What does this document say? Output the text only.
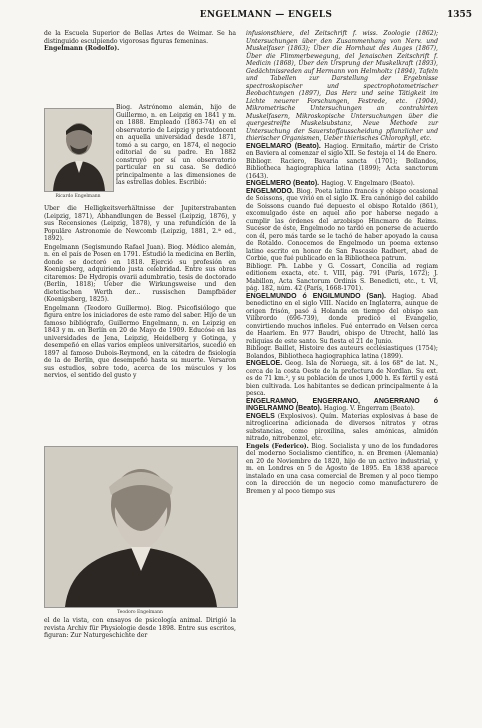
ENGELMANN — ENGELS	1355

de la Escuela Superior de Bellas Artes de Weimar. Se ha distinguido esculpiendo vigorosas figuras femeninas.

Engelmann (Rodolfo).

Biog. Astrónomo alemán, hijo de Guillermo, n. en Leipzig en 1841 y m. en 1888. Empleado (1863-74) en el observatorio de Leipzig y privatdocent en aquella universidad desde 1871, tomó a su cargo, en 1874, el negocio editorial de su padre. En 1882 construyó por sí un observatorio particular en su casa. Se dedicó principalmente a las dimensiones de las estrellas dobles. Escribió:
Ricardo Engelmann
Uber die Helligkeitsverhältnisse der Jupiterstrabanten (Leipzig, 1871), Abhandlungen de Bessel (Leipzig, 1876), y sus Recensiones (Leipzig, 1878), y una refundición de la Populäre Astronomie de Newcomb (Leipzig, 1881, 2.ª ed., 1892).
Engelmann (Segismundo Rafael Juan). Biog. Médico alemán, n. en el país de Posen en 1791. Estudió la medicina en Berlín, donde se doctoró en 1818. Ejerció su profesión en Koenigsberg, adquiriendo justa celebridad. Entre sus obras citaremos: De Hydropis ovarii adumbratio, tesis de doctorado (Berlín, 1818); Ueber die Wirkungsweise und den dietetischen Werth der... russischen Dampfbäder (Koenigsberg, 1825).
Engelmann (Teodoro Guillermo). Biog. Psicofisiólogo que figura entre los iniciadores de este ramo del saber. Hijo de un famoso bibliógrafo, Guillermo Engelmann, n. en Leipzig en 1843 y m. en Berlín en 20 de Mayo de 1909. Educóse en las universidades de Jena, Leipzig, Heidelberg y Gotinga, y desempeñó en ellas varios empleos universitarios, sucedió en 1897 al famoso Dubois-Reymond, en la cátedra de fisiología de la de Berlín, que desempeñó hasta su muerte. Versaron sus estudios, sobre todo, acerca de los músculos y los nervios, el sentido del gusto y
Teodoro Engelmann
el de la vista, con ensayos de psicología animal. Dirigió la revista Archiv für Physiologie desde 1898. Entre sus escritos, figuran: Zur Naturgeschichte der

infusionsthiere, del Zeitschrift f. wiss. Zoologie (1862); Untersuchungen über den Zusammenhang von Nerv. und Muskelfaser (1863); Über die Hornhaut des Auges (1867), Über die Flimmerbewegung, del Jenaischen Zeitschrift f. Medicin (1868), Über den Ursprung der Muskelkraft (1893), Gedächtnissreden auf Hermann von Helmholtz (1894), Tafeln und Tabellen zur Darstellung der Ergebnisse spectroskopischer und spectrophotometrischer Beobachtungen (1897), Das Herz und seine Tätigkeit im Lichte neuerer Forschungen, Festrede, etc. (1904), Mikrometrische Untersuchungen an contrahirten Muskelfasern, Mikroskopische Untersuchungen über die quergestreifte Muskelsubstanz, Neue Methode zur Untersuchung der Sauerstoffausscheidung pflanzlicher und thierischer Organismen, Ueber thierisches Chlorophyll, etc.

ENGELMARO (Beato). Hagiog. Ermitaño, mártir de Cristo en Baviera al comenzar el siglo XII. Se festeja el 14 de Enero.

Bibliogr. Raciero, Bavaria sancta (1701); Bollandos, Bibliotheca hagiographica latina (1899); Acta sanctorum (1643).

ENGELMERO (Beato). Hagiog. V. Engelmaro (Beato).

ENGELMODO. Biog. Poeta latino francés y obispo ocasional de Soissons, que vivió en el siglo IX. Era canónigo del cabildo de Soissons cuando fué depuesto el obispo Rotaldo (861), excomulgado éste en aquel año por haberse negado a cumplir las órdenes del arzobispo Hincmaro de Reims. Sucesor de éste, Engelmodo no tardó en ponerse de acuerdo con él, pero más tarde se le tachó de haber apoyado la causa de Rotaldo. Conocemos de Engelmodo un poema extenso latino escrito en honor de San Pascasio Radbert, abad de Corbie, que fué publicado en la Bibliotheca patrum.

Bibliogr. Ph. Labbe y G. Cossart, Concilia ad regiam editionem exacta, etc. t. VIII, pág. 791 (París, 1672); J. Mabillon, Acta Sanctorum Ordinis S. Benedicti, etc., t. VI, pág. 182, núm. 42 (París, 1668-1701).

ENGELMUNDO ó ENGILMUNDO (San). Hagiog. Abad benedictino en el siglo VIII. Nacido en Inglaterra, aunque de origen frisón, pasó á Holanda en tiempo del obispo san Vilibrordo (696-739), donde predicó el Evangelio, convirtiendo muchos infieles. Fué enterrado en Velsen cerca de Haarlem. En 977 Baudri, obispo de Utrecht, halló las reliquias de este santo. Su fiesta el 21 de Junio.

Bibliogr. Baillet, Histoire des auteurs ecclésiastiques (1754); Bolandos, Bibliotheca hagiographica latina (1899).

ENGELOE. Geog. Isla de Noruega, sit. á los 68° de lat. N., cerca de la costa Oeste de la prefectura de Nordlan. Su ext. es de 71 km.², y su población de unos 1,000 h. Es fértil y está bien cultivada. Los habitantes se dedican principalmente á la pesca.

ENGELRAMNO, ENGERRANO, ANGERRANO ó INGELRAMNO (Beato). Hagiog. V. Engerram (Beato).

ENGELS (Explosivos). Quím. Materias explosivas á base de nitroglicerina adicionada de diversos nitratos y otras substancias, como piroxilina, sales amónicas, almidón nitrado, nitrobenzol, etc.

Engels (Federico). Biog. Socialista y uno de los fundadores del moderno Socialismo científico, n. en Bremen (Alemania) en 20 de Noviembre de 1820, hijo de un activo industrial, y m. en Londres en 5 de Agosto de 1895. En 1838 aparece instalado en una casa comercial de Bremen y al poco tiempo con la dirección de un negocio como manufacturero de Bremen y al poco tiempo sus
